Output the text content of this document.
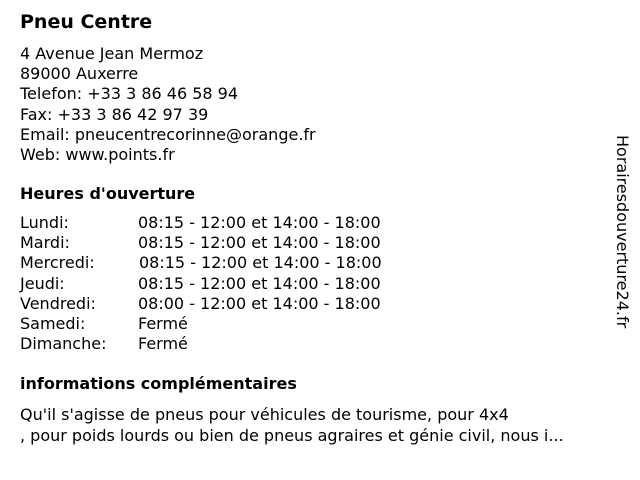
Pneu Centre
4 Avenue Jean Mermoz
89000 Auxerre
Telefon: +33 3 86 46 58 94
Fax: +33 3 86 42 97 39
Email: pneucentrecorinne@orange.fr
Web: www.points.fr
Heures d'ouverture
Lundi:	08:15 - 12:00 et 14:00 - 18:00
Mardi:	08:15 - 12:00 et 14:00 - 18:00
Mercredi:	08:15 - 12:00 et 14:00 - 18:00
Jeudi:	08:15 - 12:00 et 14:00 - 18:00
Vendredi:	08:00 - 12:00 et 14:00 - 18:00
Samedi:	Fermé
Dimanche: Fermé
informations complémentaires
Qu'il s'agisse de pneus pour véhicules de tourisme, pour 4x4
, pour poids lourds ou bien de pneus agraires et génie civil, nous i...
Horairesdouverture24.fr
